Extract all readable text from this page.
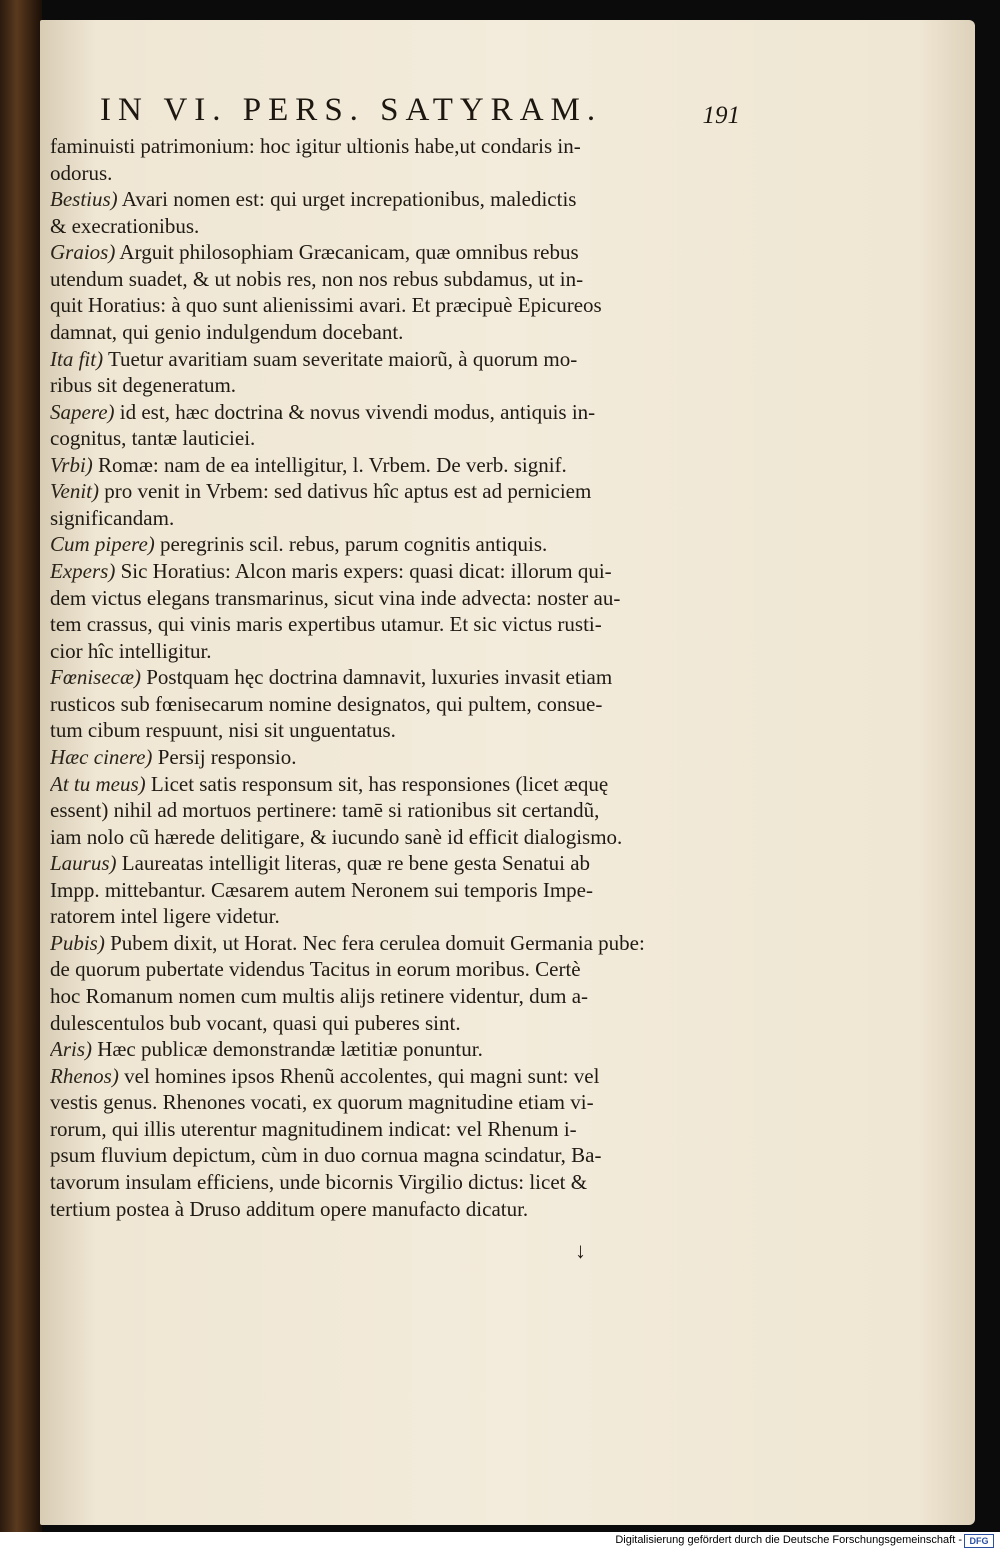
IN VI. PERS. SATYRAM.	191
faminuisti patrimonium: hoc igitur ultionis habe,ut condaris in-
odorus.
Bestius) Avari nomen est: qui urget increpationibus, maledictis
& execrationibus.
Graios) Arguit philosophiam Græcanicam, quæ omnibus rebus
utendum suadet, & ut nobis res, non nos rebus subdamus, ut in-
quit Horatius: à quo sunt alienissimi avari. Et præcipuè Epicureos
damnat, qui genio indulgendum docebant.
Ita fit) Tuetur avaritiam suam severitate maiorũ, à quorum mo-
ribus sit degeneratum.
Sapere) id est, hæc doctrina & novus vivendi modus, antiquis in-
cognitus, tantæ lauticiei.
Vrbi) Romæ: nam de ea intelligitur, l. Vrbem. De verb. signif.
Venit) pro venit in Vrbem: sed dativus hîc aptus est ad perniciem
significandam.
Cum pipere) peregrinis scil. rebus, parum cognitis antiquis.
Expers) Sic Horatius: Alcon maris expers: quasi dicat: illorum qui-
dem victus elegans transmarinus, sicut vina inde advecta: noster au-
tem crassus, qui vinis maris expertibus utamur. Et sic victus rusti-
cior hîc intelligitur.
Fœnisecæ) Postquam hęc doctrina damnavit, luxuries invasit etiam
rusticos sub fœnisecarum nomine designatos, qui pultem, consue-
tum cibum respuunt, nisi sit unguentatus.
Hæc cinere) Persij responsio.
At tu meus) Licet satis responsum sit, has responsiones (licet æquę
essent) nihil ad mortuos pertinere: tamē si rationibus sit certandũ,
iam nolo cũ hærede delitigare, & iucundo sanè id efficit dialogismo.
Laurus) Laureatas intelligit literas, quæ re bene gesta Senatui ab
Impp. mittebantur. Cæsarem autem Neronem sui temporis Impe-
ratorem intel ligere videtur.
Pubis) Pubem dixit, ut Horat. Nec fera cerulea domuit Germania pube:
de quorum pubertate videndus Tacitus in eorum moribus. Certè
hoc Romanum nomen cum multis alijs retinere videntur, dum a-
dulescentulos bub vocant, quasi qui puberes sint.
Aris) Hæc publicæ demonstrandæ lætitiæ ponuntur.
Rhenos) vel homines ipsos Rhenũ accolentes, qui magni sunt: vel
vestis genus. Rhenones vocati, ex quorum magnitudine etiam vi-
rorum, qui illis uterentur magnitudinem indicat: vel Rhenum i-
psum fluvium depictum, cùm in duo cornua magna scindatur, Ba-
tavorum insulam efficiens, unde bicornis Virgilio dictus: licet &
tertium postea à Druso additum opere manufacto dicatur.
↓
Digitalisierung gefördert durch die Deutsche Forschungsgemeinschaft - DFG
